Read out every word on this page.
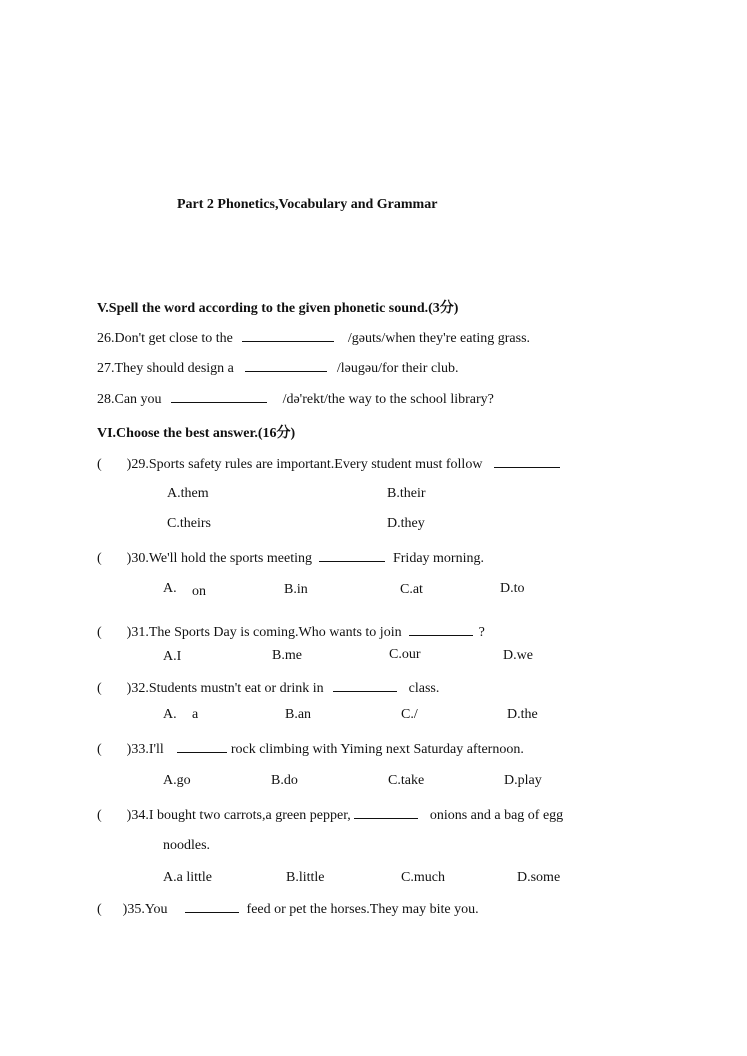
Part 2 Phonetics,Vocabulary and Grammar
V.Spell the word according to the given phonetic sound.(3分)
26.Don't get close to the	/gəuts/when they're eating grass.
27.They should design a	/ləugəu/for their club.
28.Can you	/də'rekt/the way to the school library?
VI.Choose the best answer.(16分)
( )29.Sports safety rules are important.Every student must follow
A.them	B.their
C.theirs	D.they
( )30.We'll hold the sports meeting	Friday morning.
A. on	B.in	C.at	D.to
( )31.The Sports Day is coming.Who wants to join	?
A.I	B.me	C.our	D.we
( )32.Students mustn't eat or drink in	class.
A. a	B.an	C./	D.the
( )33.I'll	rock climbing with Yiming next Saturday afternoon.
A.go	B.do	C.take	D.play
( )34.I bought two carrots,a green pepper,	onions and a bag of egg
noodles.
A.a little	B.little	C.much	D.some
( )35.You	feed or pet the horses.They may bite you.
